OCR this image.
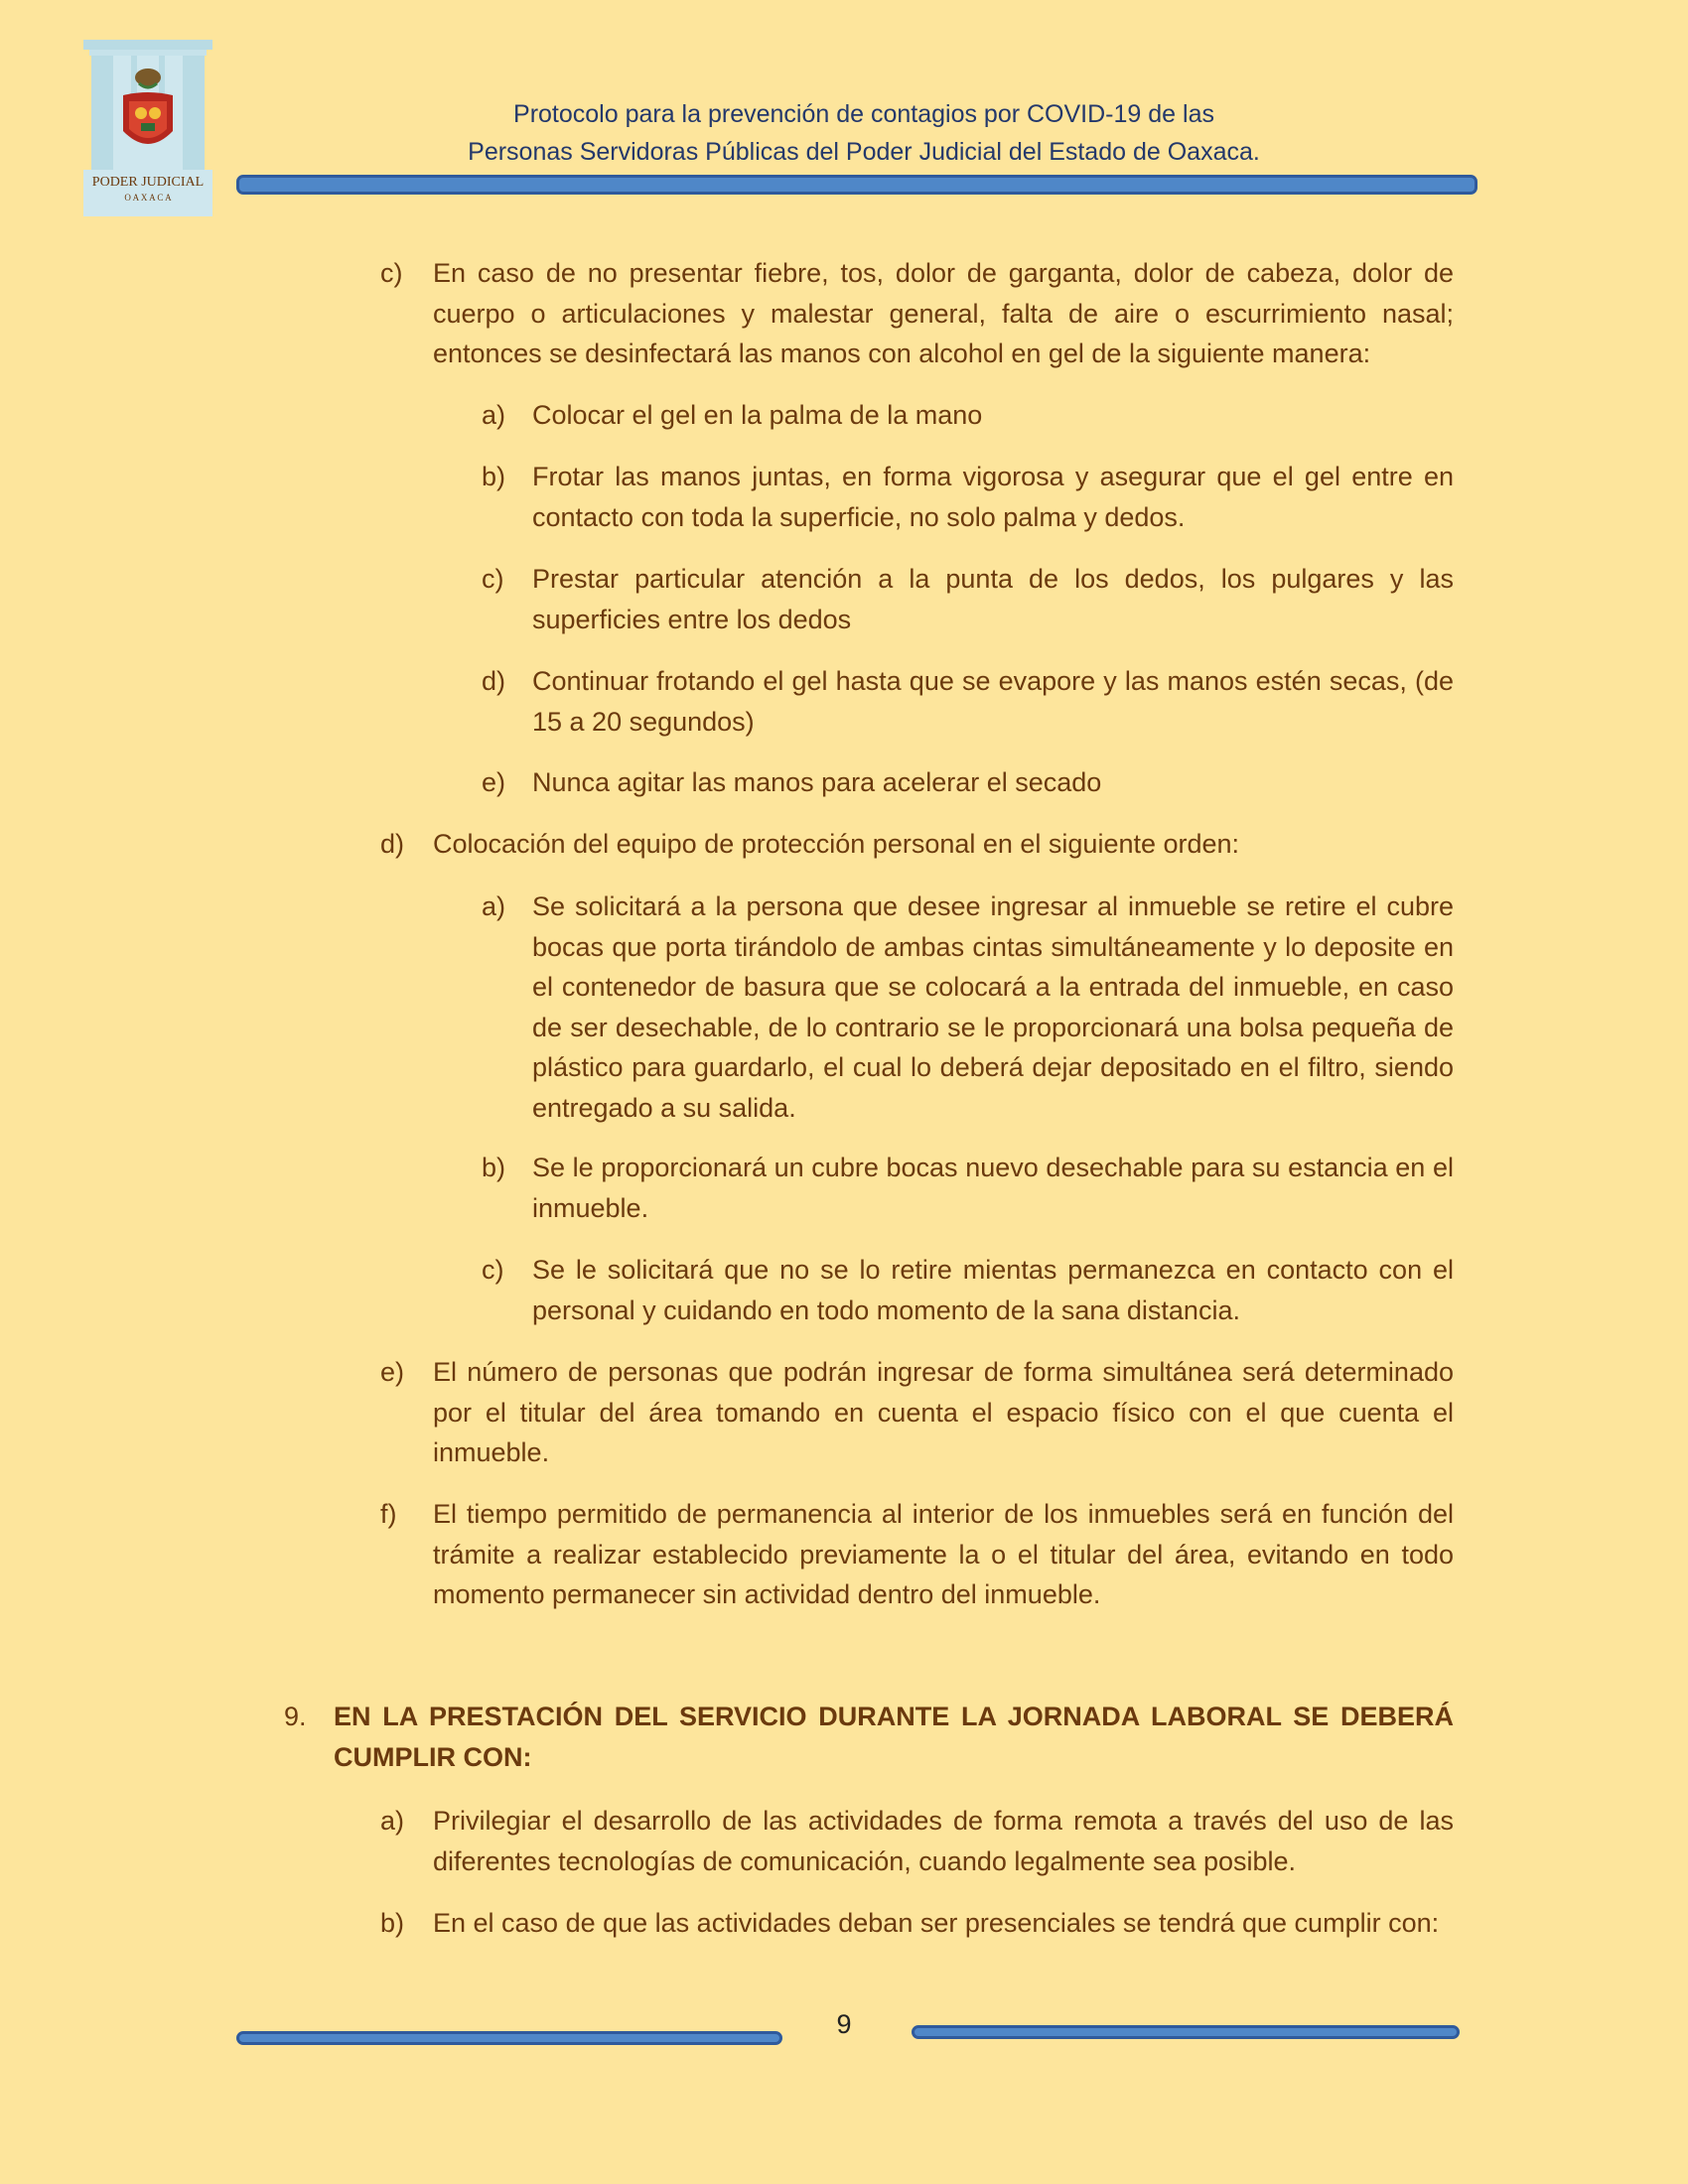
PODER JUDICIAL
O A X A C A
Protocolo para la prevención de contagios por COVID-19 de las
Personas Servidoras Públicas del Poder Judicial del Estado de Oaxaca.
c) En caso de no presentar fiebre, tos, dolor de garganta, dolor de cabeza, dolor de cuerpo o articulaciones y malestar general, falta de aire o escurrimiento nasal; entonces se desinfectará las manos con alcohol en gel de la siguiente manera:
a) Colocar el gel en la palma de la mano
b) Frotar las manos juntas, en forma vigorosa y asegurar que el gel entre en contacto con toda la superficie, no solo palma y dedos.
c) Prestar particular atención a la punta de los dedos, los pulgares y las superficies entre los dedos
d) Continuar frotando el gel hasta que se evapore y las manos estén secas, (de 15 a 20 segundos)
e) Nunca agitar las manos para acelerar el secado
d) Colocación del equipo de protección personal en el siguiente orden:
a) Se solicitará a la persona que desee ingresar al inmueble se retire el cubre bocas que porta tirándolo de ambas cintas simultáneamente y lo deposite en el contenedor de basura que se colocará a la entrada del inmueble, en caso de ser desechable, de lo contrario se le proporcionará una bolsa pequeña de plástico para guardarlo, el cual lo deberá dejar depositado en el filtro, siendo entregado a su salida.
b) Se le proporcionará un cubre bocas nuevo desechable para su estancia en el inmueble.
c) Se le solicitará que no se lo retire mientas permanezca en contacto con el personal y cuidando en todo momento de la sana distancia.
e) El número de personas que podrán ingresar de forma simultánea será determinado por el titular del área tomando en cuenta el espacio físico con el que cuenta el inmueble.
f) El tiempo permitido de permanencia al interior de los inmuebles será en función del trámite a realizar establecido previamente la o el titular del área, evitando en todo momento permanecer sin actividad dentro del inmueble.
9. EN LA PRESTACIÓN DEL SERVICIO DURANTE LA JORNADA LABORAL SE DEBERÁ CUMPLIR CON:
a) Privilegiar el desarrollo de las actividades de forma remota a través del uso de las diferentes tecnologías de comunicación, cuando legalmente sea posible.
b) En el caso de que las actividades deban ser presenciales se tendrá que cumplir con:
9
